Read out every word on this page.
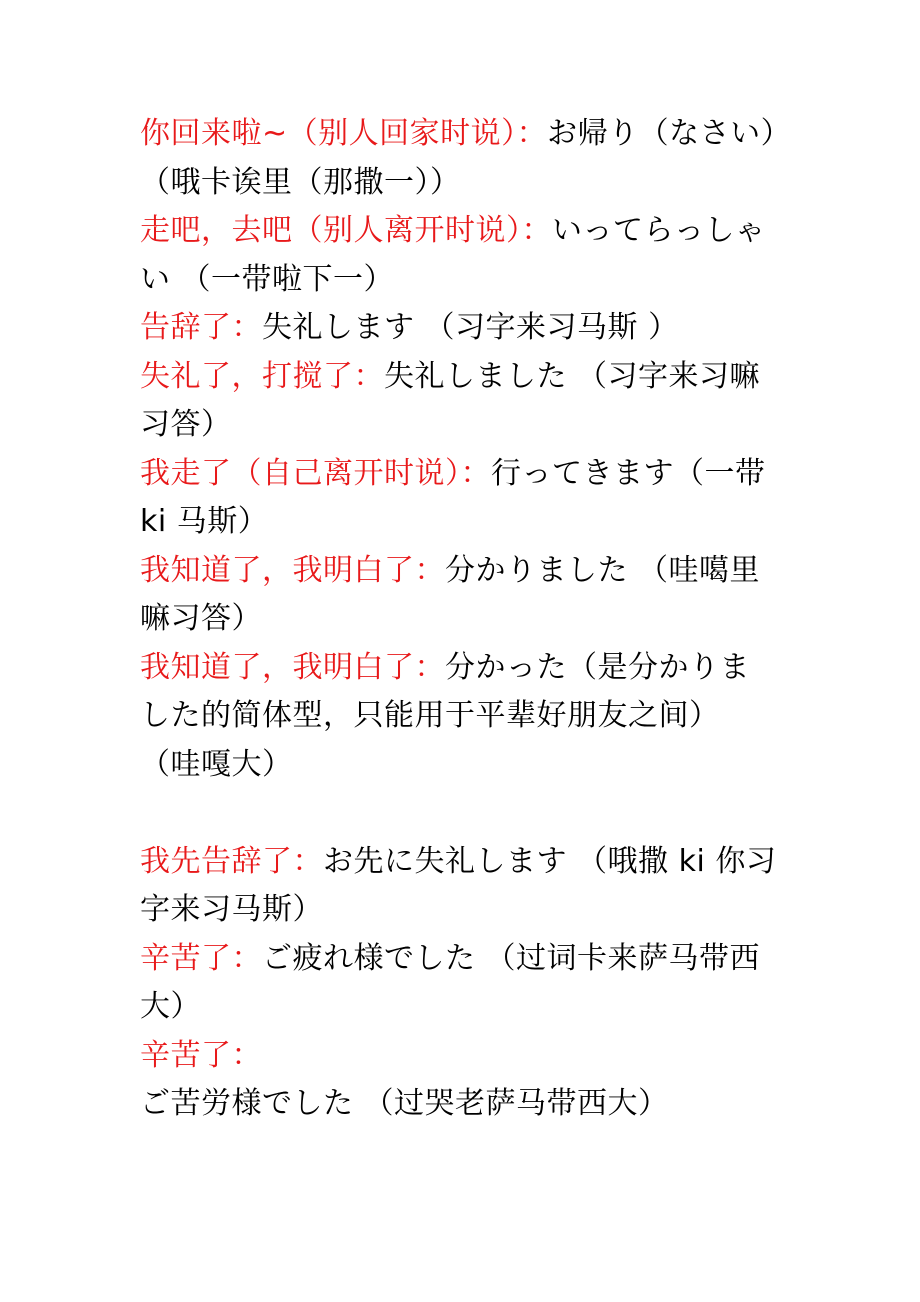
你回来啦~（别人回家时说）：お帰り（なさい）（哦卡诶里（那撒一））

走吧，去吧（别人离开时说）：いってらっしゃい （一带啦下一）

告辞了：失礼します （习字来习马斯 ）

失礼了，打搅了：失礼しました （习字来习嘛习答）

我走了（自己离开时说）：行ってきます（一带 ki 马斯）

我知道了，我明白了：分かりました （哇噶里嘛习答）

我知道了，我明白了：分かった（是分かりました的简体型，只能用于平辈好朋友之间） （哇嘎大）

我先告辞了：お先に失礼します （哦撒 ki 你习字来习马斯）

辛苦了：ご疲れ様でした （过词卡来萨马带西大）

辛苦了：ご苦労様でした （过哭老萨马带西大）
